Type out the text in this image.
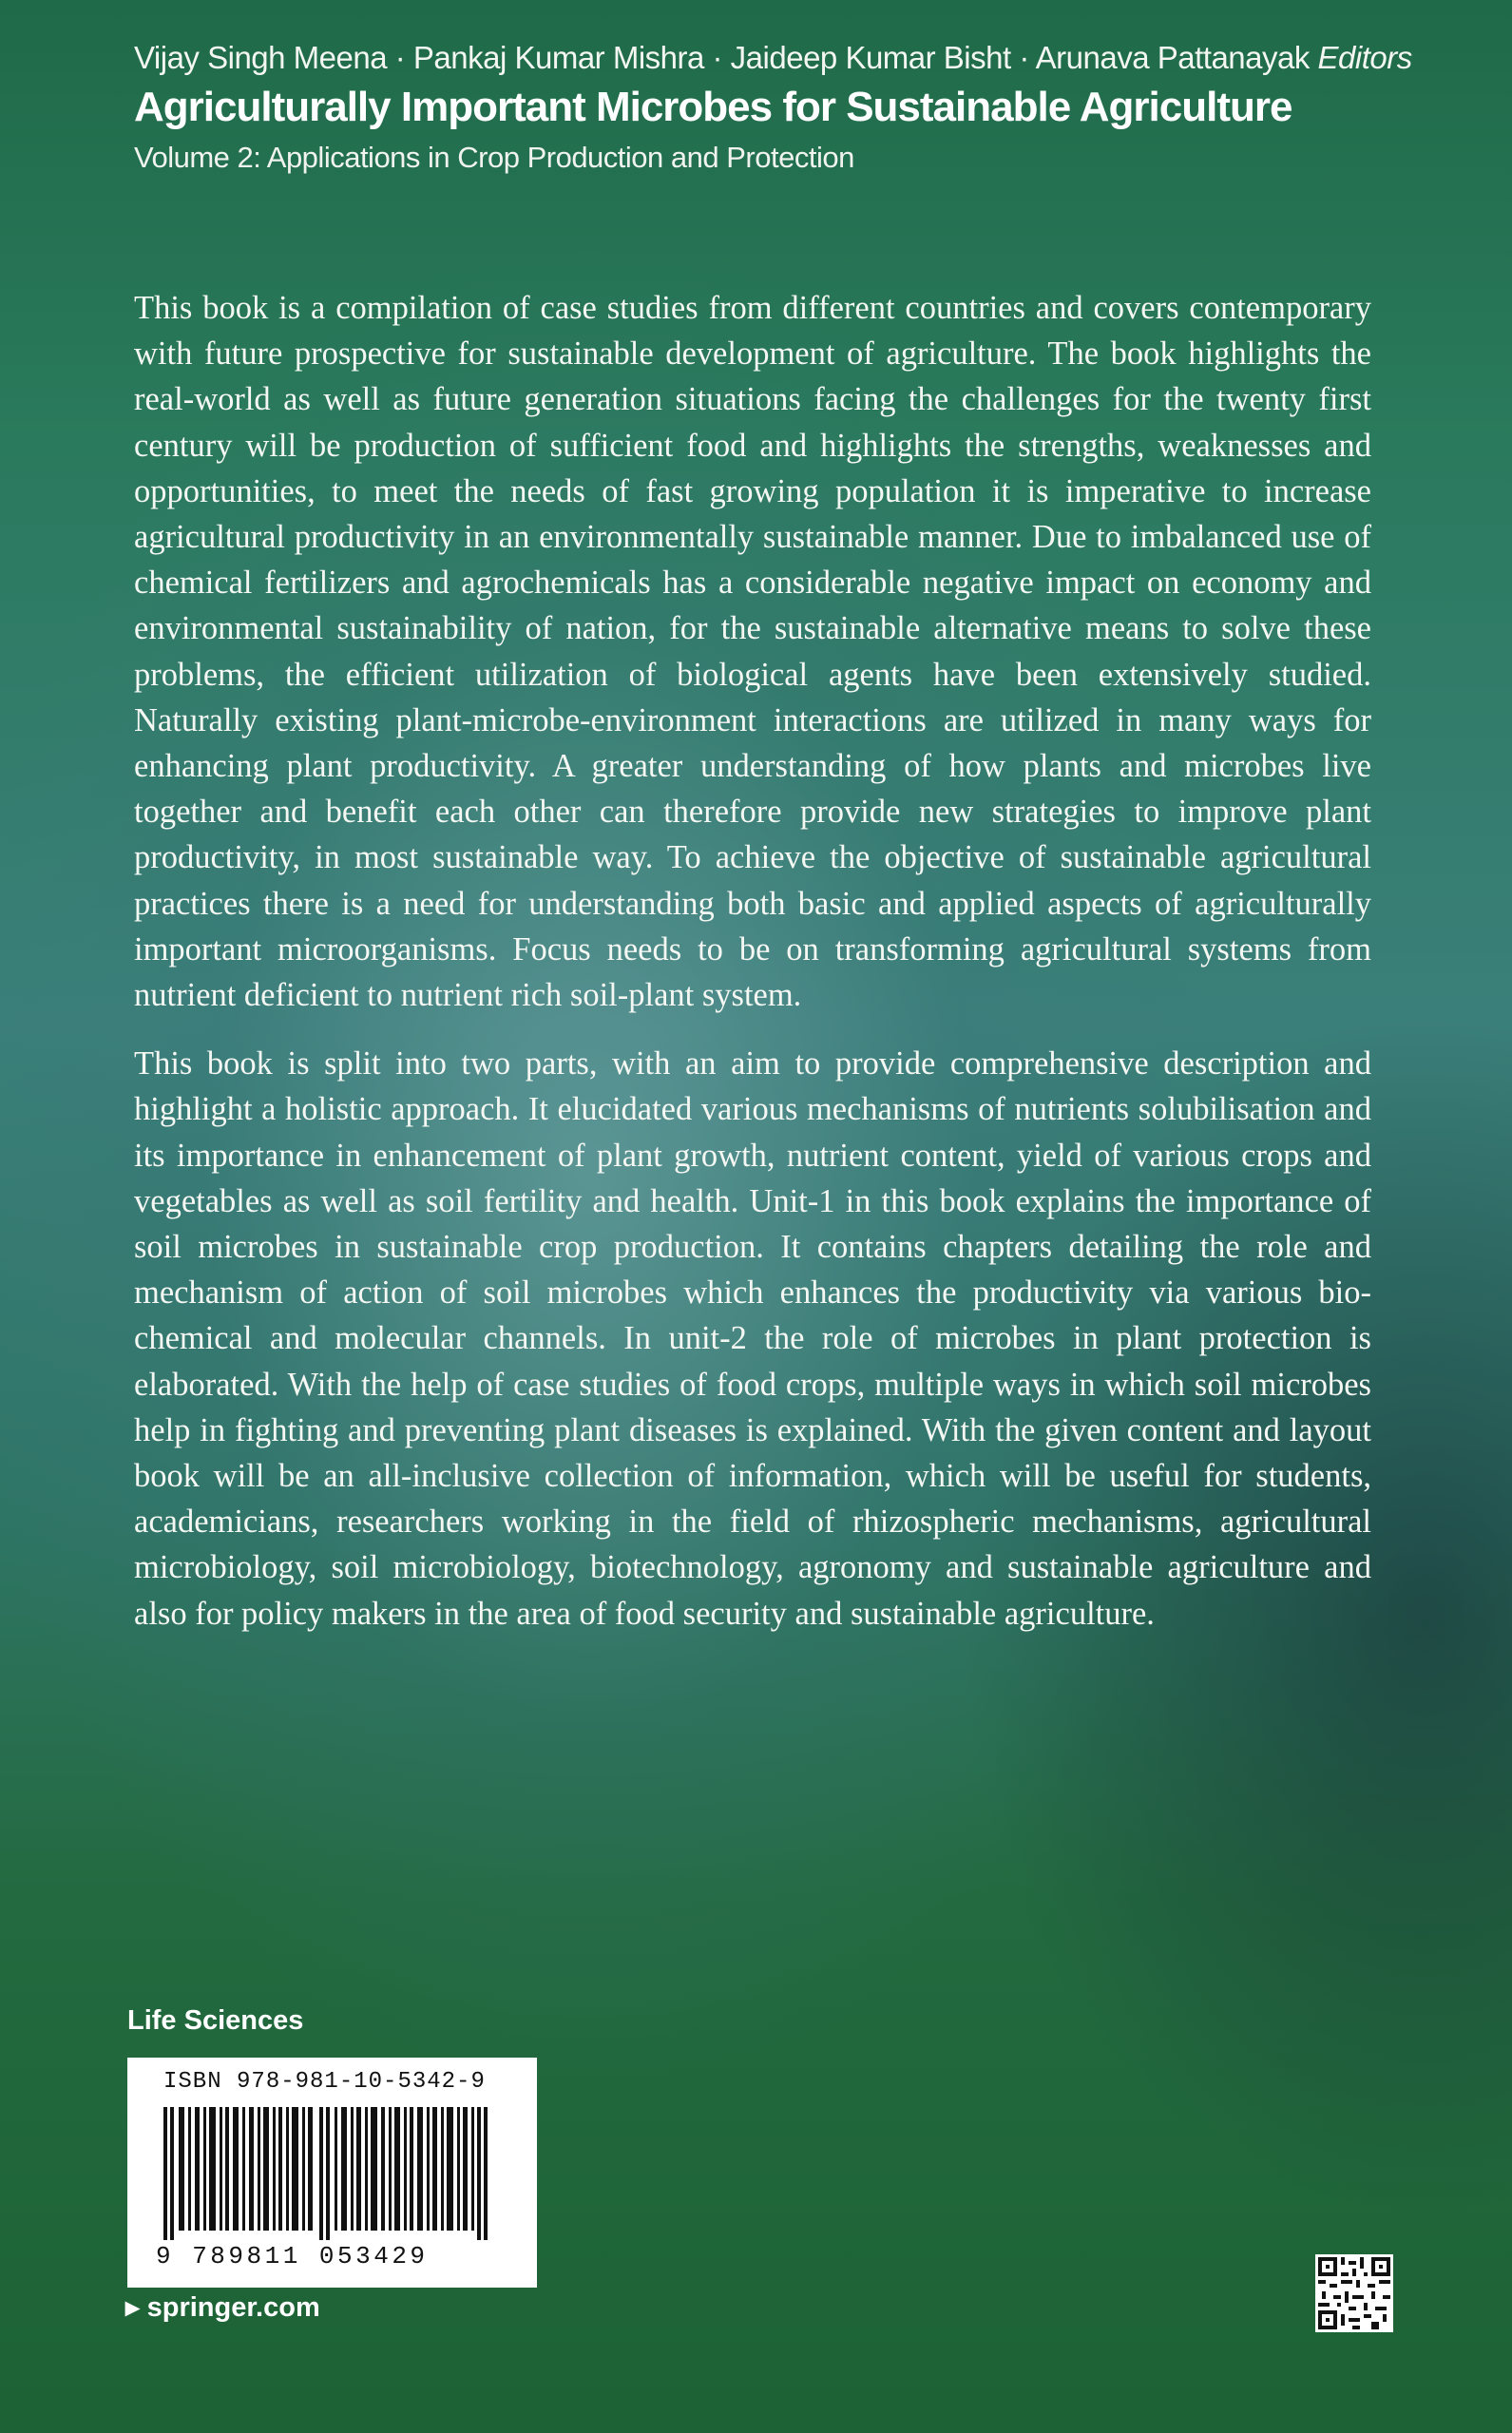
Vijay Singh Meena · Pankaj Kumar Mishra · Jaideep Kumar Bisht · Arunava Pattanayak Editors
Agriculturally Important Microbes for Sustainable Agriculture
Volume 2: Applications in Crop Production and Protection

This book is a compilation of case studies from different countries and covers contemporary with future prospective for sustainable development of agriculture. The book highlights the real-world as well as future generation situations facing the challenges for the twenty first century will be production of sufficient food and highlights the strengths, weaknesses and opportunities, to meet the needs of fast growing population it is imperative to increase agricultural productivity in an environmentally sustainable manner. Due to imbalanced use of chemical fertilizers and agrochemicals has a considerable negative impact on economy and environmental sustainability of nation, for the sustainable alternative means to solve these problems, the efficient utilization of biological agents have been extensively studied. Naturally existing plant-microbe-environment interactions are utilized in many ways for enhancing plant productivity. A greater understanding of how plants and microbes live together and benefit each other can therefore provide new strategies to improve plant productivity, in most sustainable way. To achieve the objective of sustainable agricultural practices there is a need for understanding both basic and applied aspects of agriculturally important microorganisms. Focus needs to be on transforming agricultural systems from nutrient deficient to nutrient rich soil-plant system.

This book is split into two parts, with an aim to provide comprehensive description and highlight a holistic approach. It elucidated various mechanisms of nutrients solubilisation and its importance in enhancement of plant growth, nutrient content, yield of various crops and vegetables as well as soil fertility and health. Unit-1 in this book explains the importance of soil microbes in sustainable crop production. It contains chapters detailing the role and mechanism of action of soil microbes which enhances the productivity via various bio-chemical and molecular channels. In unit-2 the role of microbes in plant protection is elaborated. With the help of case studies of food crops, multiple ways in which soil microbes help in fighting and preventing plant diseases is explained. With the given content and layout book will be an all-inclusive collection of information, which will be useful for students, academicians, researchers working in the field of rhizospheric mechanisms, agricultural microbiology, soil microbiology, biotechnology, agronomy and sustainable agriculture and also for policy makers in the area of food security and sustainable agriculture.

Life Sciences
ISBN 978-981-10-5342-9
9 789811 053429
▸ springer.com
